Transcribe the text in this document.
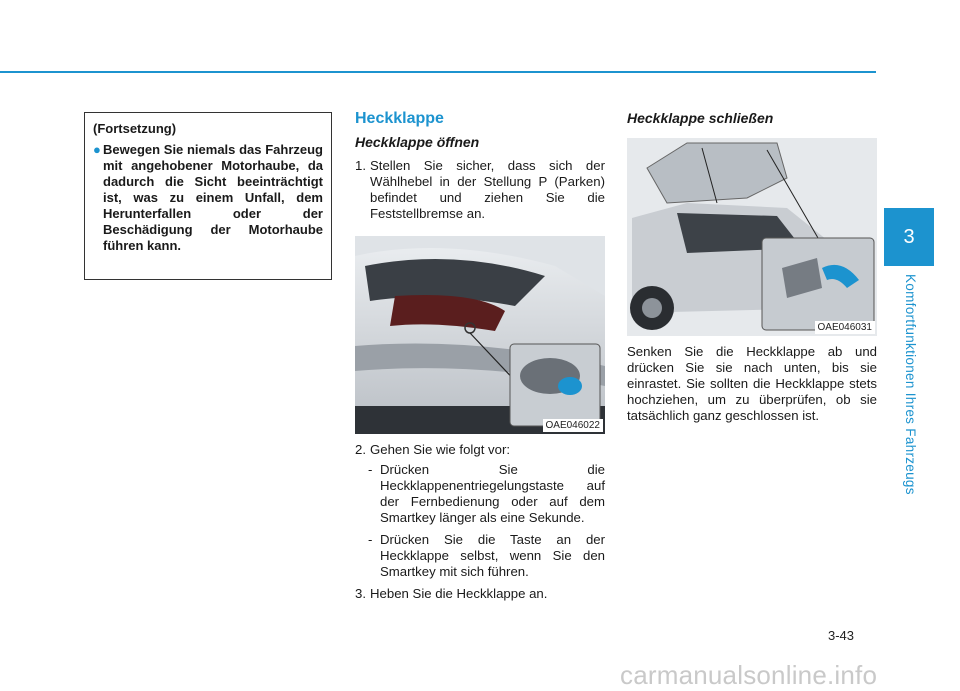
3
Komfortfunktionen Ihres Fahrzeugs
(Fortsetzung)
● Bewegen Sie niemals das Fahrzeug mit angehobener Motorhaube, da dadurch die Sicht beeinträchtigt ist, was zu einem Unfall, dem Herunterfallen oder der Beschädigung der Motorhaube führen kann.
Heckklappe
Heckklappe öffnen
1. Stellen Sie sicher, dass sich der Wählhebel in der Stellung P (Parken) befindet und ziehen Sie die Feststellbremse an.
OAE046022
2. Gehen Sie wie folgt vor:
- Drücken Sie die Heckklappenentriegelungstaste auf der Fernbedienung oder auf dem Smartkey länger als eine Sekunde.
- Drücken Sie die Taste an der Heckklappe selbst, wenn Sie den Smartkey mit sich führen.
3. Heben Sie die Heckklappe an.
Heckklappe schließen
OAE046031
Senken Sie die Heckklappe ab und drücken Sie sie nach unten, bis sie einrastet. Sie sollten die Heckklappe stets hochziehen, um zu überprüfen, ob sie tatsächlich ganz geschlossen ist.
3-43
carmanualsonline.info
